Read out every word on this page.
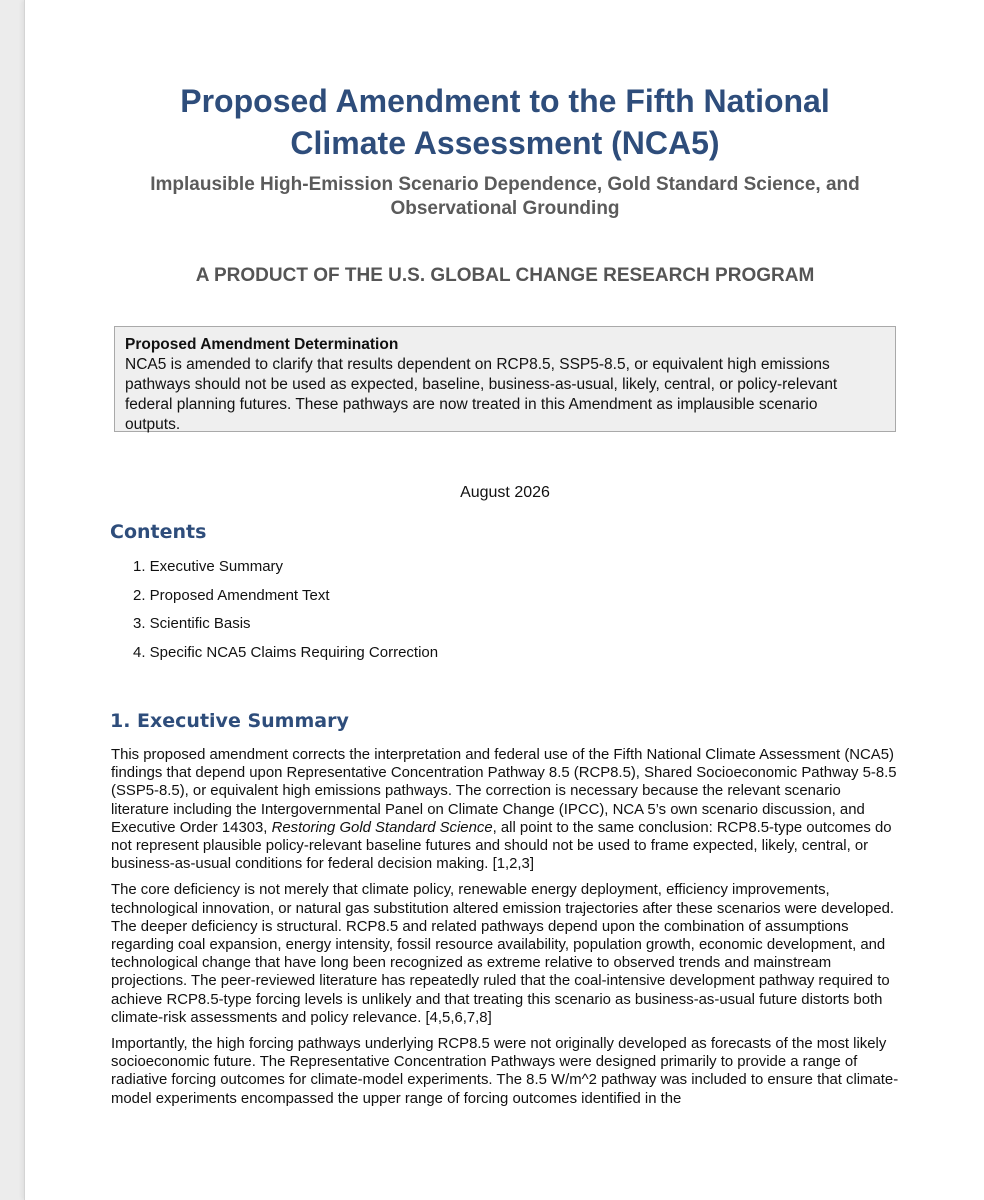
Proposed Amendment to the Fifth National
Climate Assessment (NCA5)
Implausible High-Emission Scenario Dependence, Gold Standard Science, and
Observational Grounding
A PRODUCT OF THE U.S. GLOBAL CHANGE RESEARCH PROGRAM
Proposed Amendment Determination
NCA5 is amended to clarify that results dependent on RCP8.5, SSP5-8.5, or equivalent high emissions
pathways should not be used as expected, baseline, business-as-usual, likely, central, or policy-relevant
federal planning futures. These pathways are now treated in this Amendment as implausible scenario
outputs.
August 2026
Contents
1. Executive Summary
2. Proposed Amendment Text
3. Scientific Basis
4. Specific NCA5 Claims Requiring Correction
1. Executive Summary

This proposed amendment corrects the interpretation and federal use of the Fifth National Climate Assessment (NCA5) findings that depend upon Representative Concentration Pathway 8.5 (RCP8.5), Shared Socioeconomic Pathway 5-8.5 (SSP5-8.5), or equivalent high emissions pathways. The correction is necessary because the relevant scenario literature including the Intergovernmental Panel on Climate Change (IPCC), NCA 5’s own scenario discussion, and Executive Order 14303, Restoring Gold Standard Science, all point to the same conclusion: RCP8.5-type outcomes do not represent plausible policy-relevant baseline futures and should not be used to frame expected, likely, central, or business-as-usual conditions for federal decision making. [1,2,3]

The core deficiency is not merely that climate policy, renewable energy deployment, efficiency improvements, technological innovation, or natural gas substitution altered emission trajectories after these scenarios were developed. The deeper deficiency is structural. RCP8.5 and related pathways depend upon the combination of assumptions regarding coal expansion, energy intensity, fossil resource availability, population growth, economic development, and technological change that have long been recognized as extreme relative to observed trends and mainstream projections. The peer-reviewed literature has repeatedly ruled that the coal-intensive development pathway required to achieve RCP8.5-type forcing levels is unlikely and that treating this scenario as business-as-usual future distorts both climate-risk assessments and policy relevance. [4,5,6,7,8]

Importantly, the high forcing pathways underlying RCP8.5 were not originally developed as forecasts of the most likely socioeconomic future. The Representative Concentration Pathways were designed primarily to provide a range of radiative forcing outcomes for climate-model experiments. The 8.5 W/m^2 pathway was included to ensure that climate-model experiments encompassed the upper range of forcing outcomes identified in the
